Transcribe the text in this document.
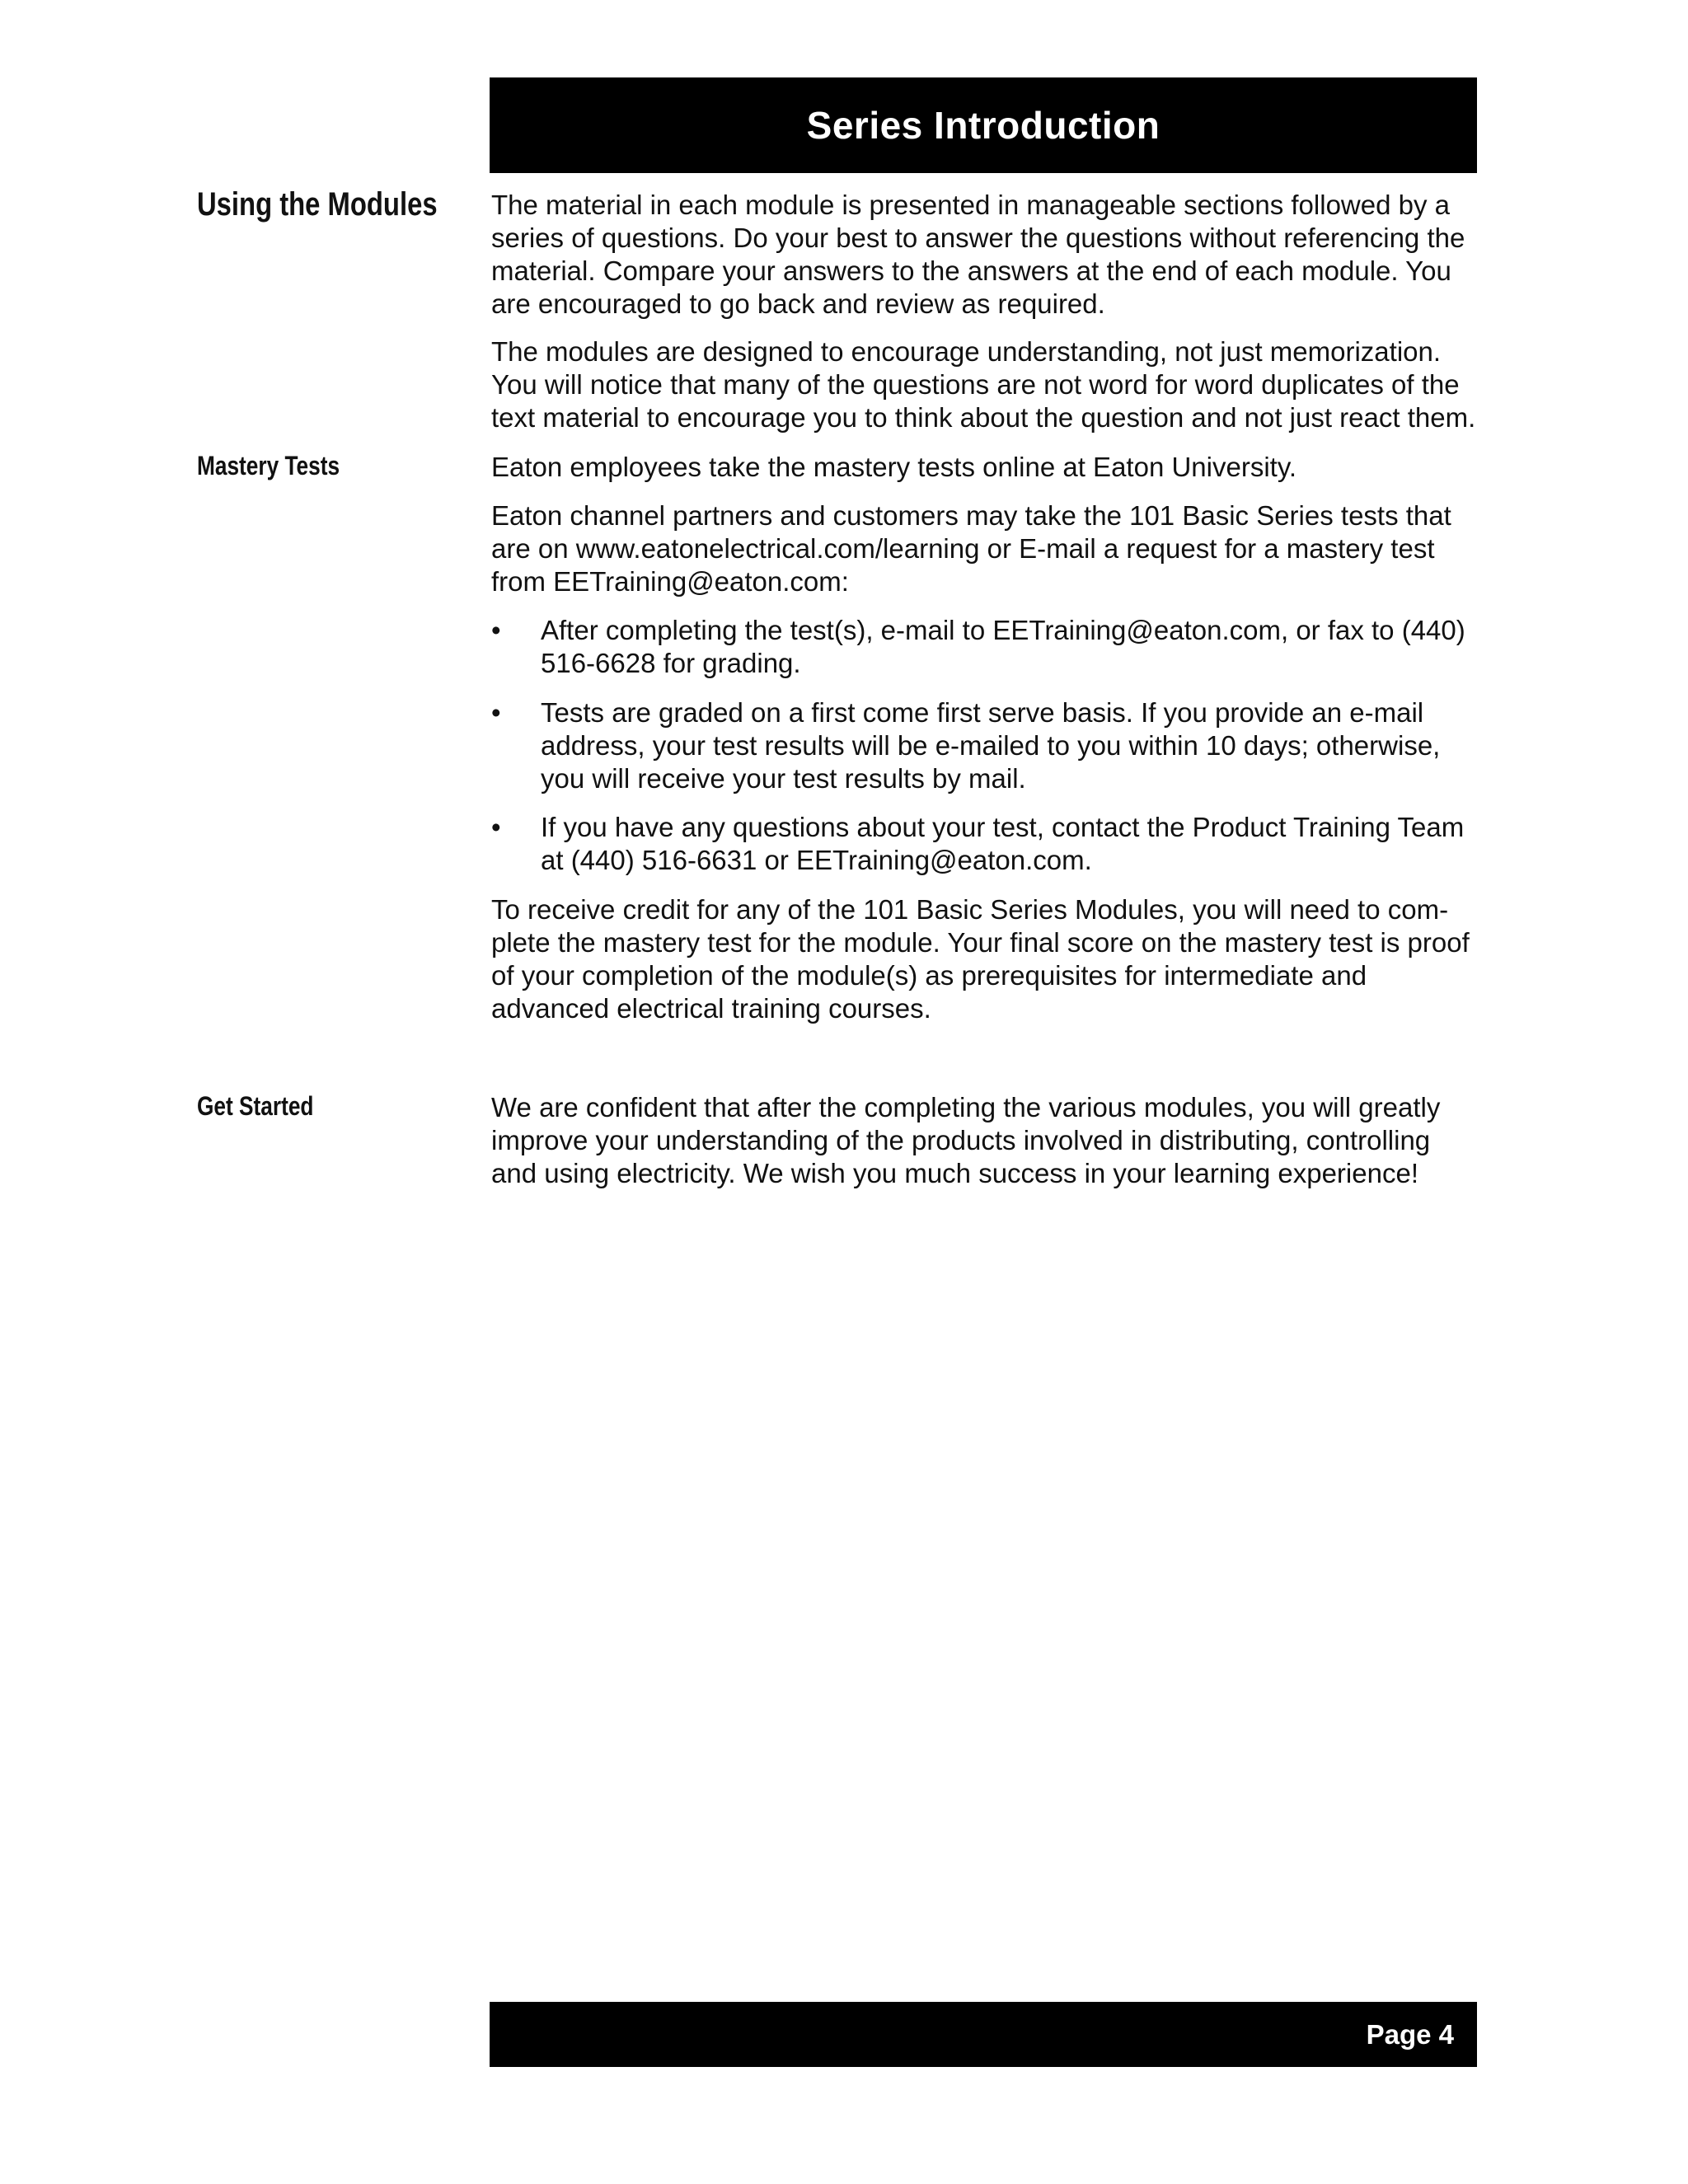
Series Introduction
Using the Modules The material in each module is presented in manageable sections followed by a

series of questions. Do your best to answer the questions without referencing the

material. Compare your answers to the answers at the end of each module. You

are encouraged to go back and review as required.

The modules are designed to encourage understanding, not just memorization.

You will notice that many of the questions are not word for word duplicates of the

text material to encourage you to think about the question and not just react them.

Mastery Tests	Eaton employees take the mastery tests online at Eaton University.

Eaton channel partners and customers may take the 101 Basic Series tests that

are on www.eatonelectrical.com/learning or E-mail a request for a mastery test

from EETraining@eaton.com:

• After completing the test(s), e-mail to EETraining@eaton.com, or fax to (440)
516-6628 for grading.
• Tests are graded on a first come first serve basis. If you provide an e-mail
address, your test results will be e-mailed to you within 10 days; otherwise,
you will receive your test results by mail.
• If you have any questions about your test, contact the Product Training Team
at (440) 516-6631 or EETraining@eaton.com.

To receive credit for any of the 101 Basic Series Modules, you will need to com-

plete the mastery test for the module. Your final score on the mastery test is proof

of your completion of the module(s) as prerequisites for intermediate and

advanced electrical training courses.

Get Started	We are confident that after the completing the various modules, you will greatly

improve your understanding of the products involved in distributing, controlling

and using electricity. We wish you much success in your learning experience!

Page 4
